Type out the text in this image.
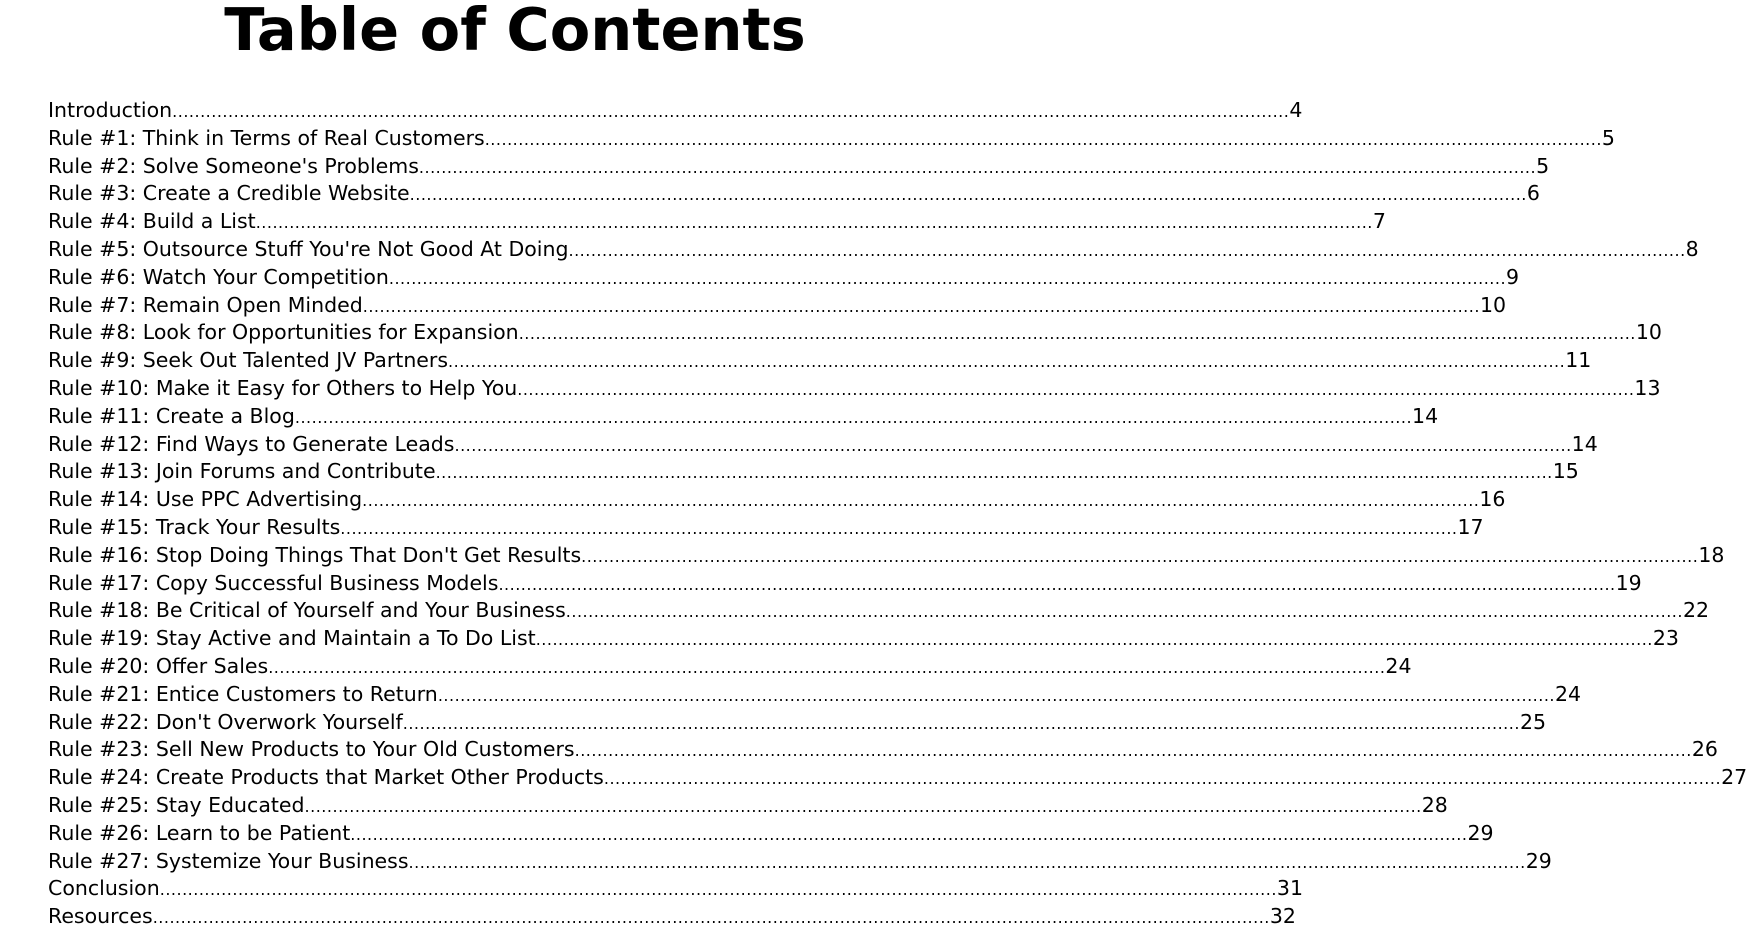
Table of Contents
Introduction ........................................................................................................................................................................................................ 4
Rule #1: Think in Terms of Real Customers ........................................................................................................................................................................................................ 5
Rule #2: Solve Someone's Problems ........................................................................................................................................................................................................ 5
Rule #3: Create a Credible Website ........................................................................................................................................................................................................ 6
Rule #4: Build a List ........................................................................................................................................................................................................ 7
Rule #5: Outsource Stuff You're Not Good At Doing ........................................................................................................................................................................................................ 8
Rule #6: Watch Your Competition ........................................................................................................................................................................................................ 9
Rule #7: Remain Open Minded ........................................................................................................................................................................................................ 10
Rule #8: Look for Opportunities for Expansion ........................................................................................................................................................................................................ 10
Rule #9: Seek Out Talented JV Partners ........................................................................................................................................................................................................ 11
Rule #10: Make it Easy for Others to Help You ........................................................................................................................................................................................................ 13
Rule #11: Create a Blog ........................................................................................................................................................................................................ 14
Rule #12: Find Ways to Generate Leads ........................................................................................................................................................................................................ 14
Rule #13: Join Forums and Contribute ........................................................................................................................................................................................................ 15
Rule #14: Use PPC Advertising ........................................................................................................................................................................................................ 16
Rule #15: Track Your Results ........................................................................................................................................................................................................ 17
Rule #16: Stop Doing Things That Don't Get Results ........................................................................................................................................................................................................ 18
Rule #17: Copy Successful Business Models ........................................................................................................................................................................................................ 19
Rule #18: Be Critical of Yourself and Your Business ........................................................................................................................................................................................................ 22
Rule #19: Stay Active and Maintain a To Do List ........................................................................................................................................................................................................ 23
Rule #20: Offer Sales ........................................................................................................................................................................................................ 24
Rule #21: Entice Customers to Return ........................................................................................................................................................................................................ 24
Rule #22: Don't Overwork Yourself ........................................................................................................................................................................................................ 25
Rule #23: Sell New Products to Your Old Customers ........................................................................................................................................................................................................ 26
Rule #24: Create Products that Market Other Products ........................................................................................................................................................................................................ 27
Rule #25: Stay Educated ........................................................................................................................................................................................................ 28
Rule #26: Learn to be Patient ........................................................................................................................................................................................................ 29
Rule #27: Systemize Your Business ........................................................................................................................................................................................................ 29
Conclusion ........................................................................................................................................................................................................ 31
Resources ........................................................................................................................................................................................................ 32
